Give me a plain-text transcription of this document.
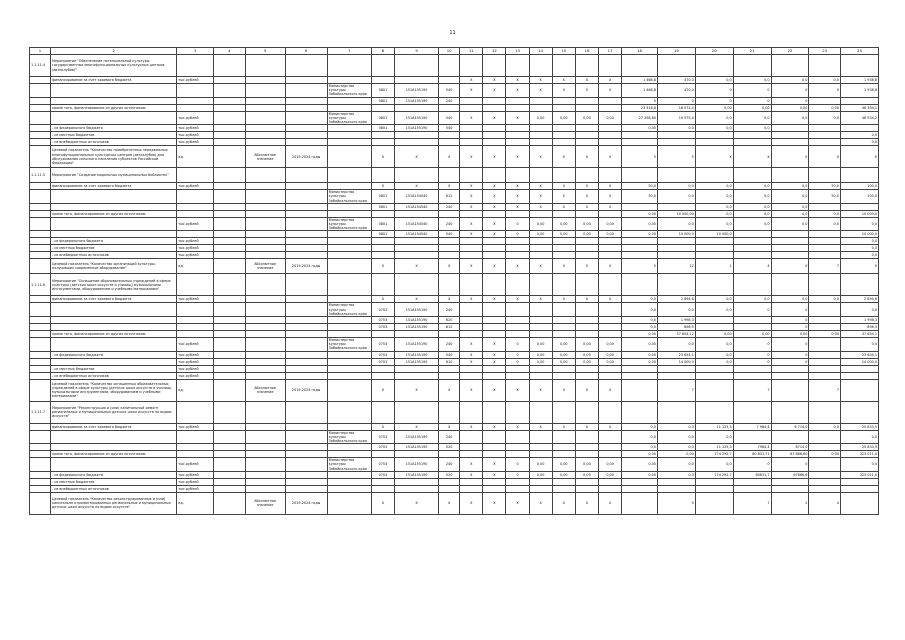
11
1	2	3	4	5	6	7	8	9	10	11	12	13	14	15	16	17	18	19	20	21	22	23	24
1.1.11.4	Мероприятие "Обеспечение потенциальной культуры государственных многофункциональных культурных центров (автоклубов)"																						
	финансирование за счет краевого бюджета	тыс.рублей								Х	Х	Х	Х	Х	Х	Х	1 468,8	470,0	0,0	0,0	0,0	0,0	1 938,8
						Министерство культуры Забайкальского края	0801	151А155190	540	Х	Х	Х	Х	Х	Х	Х	1 468,8	470,0	0	0	0	0	1 938,8
							0801	151А155190	240								0	0	0	0	0		
	кроме того, финансирование из других источников:																23 318,8	18 071,4	0,00	0,00	0,00	0,00	46 394,1
		тыс.рублей				Министерство культуры Забайкальского края	0801	151А155190	540	Х	Х	Х	0,00	0,00	0,00	0,00	27 358,80	19 575,4	0,0	0,0	0,0	0,0	46 934,2
	- из федерального бюджета	тыс.рублей					0801	151А155190	540								0,00	0,0	0,0	0,0			
	- из местных бюджетов	тыс.рублей																					0,0
	- из внебюджетных источников	тыс.рублей																					0,0
	Целевой показатель "Количество приобретенных передвижных многофункциональных культурных центров (автоклубов) для обслуживания сельского населения субъектов Российской Федерации"	ед.		Абсолютное значение	2019-2024 годы		Х	Х	Х	Х	Х	Х	Х	Х	Х	Х	5	5	Х	Х	Х	Х	Х
1.1.11.5	Мероприятие "Создание модельных муниципальных библиотек"																						
	финансирование за счет краевого бюджета	тыс.рублей					Х	Х	Х	Х	Х	Х	Х	Х	Х	Х	50,0	0,0	0,0	0,0	0,0	50,0	100,0
						Министерство культуры Забайкальского края	0801	151А154540	612	Х	Х	Х	Х	Х	Х	Х	50,0	0,0	0,0	0,0	0,0	50,0	100,0
							0801	151А154540	240	Х	Х	Х	Х	Х	Х	Х			0,0	0,0	0,0		
	кроме того, финансирование из других источников:																0,00	10 000,00	0,0	0,0	0,0	0,0	10 000,0
		тыс.рублей				Министерство культуры Забайкальского края	0801	151А154540	240	Х	Х	0	0,00	0,00	0,00	0,00	0,00	0,0	0,0	0,0	0,0	0,0	0,0
							0801	151А154540	540	Х	Х	0	0,00	0,00	0,00	0,00	0,00	10 000,0	10 000,0				10 000,0
	- из федерального бюджета	тыс.рублей																					0,0
	- из местных бюджетов	тыс.рублей																					0,0
	- из внебюджетных источников	тыс.рублей																					0,0
	Целевой показатель "Количество организаций культуры, получивших современное оборудование"	ед.		Абсолютное значение	2019-2024 годы		Х	Х	Х	Х	Х	Х	Х	Х	Х	Х	5	12	1	4	0	7	Х
1.1.11.6	Мероприятие "Оснащение образовательных учреждений в сфере культуры (детских школ искусств и училищ) музыкальными инструментами, оборудованием и учебными материалами"																						
	финансирование за счет краевого бюджета	тыс.рублей					Х	Х	Х	Х	Х	Х	Х	Х	Х	Х	0,0	2 894,8	0,0	0,0	0,0	0,0	2 894,8
						Министерство культуры Забайкальского края	0703	151А155190	240								0,0	0,0	0,0	0	0		0,0
							0703	151А155190	620								0,0	1 998,3			0		1 998,3
							0703	151А155190	612								0,0	896,5			0		896,5
	кроме того, финансирование из других источников:																0,00	37 654,12	0,00	0,00	0,00	0,00	37 654,1
		тыс.рублей				Министерство культуры Забайкальского края	0703	151А155190	240	Х	Х	0	0,00	0,00	0,00	0,00	0,00	0,0	0,0	0	0		0,0
	- из федерального бюджета	тыс.рублей					0703	151А155190	540	Х	Х	0	0,00	0,00	0,00	0,00	0,00	23 654,1	0,0	0	0		23 654,1
		тыс.рублей					0703	151А155190	610	Х	Х	0	0,00	0,00	0,00	0,00	0,00	14 000,0	0,0	0	0		14 000,0
	- из местных бюджетов	тыс.рублей																					
	- из внебюджетных источников	тыс.рублей																					
	Целевой показатель "Количество оснащенных образовательных учреждений в сфере культуры (детских школ искусств и училищ) музыкальными инструментами, оборудованием и учебными материалами"	ед.		Абсолютное значение	2019-2024 годы		Х	Х	Х	Х	Х	Х	Х	Х	Х	Х		7		7		7	
1.1.11.7	Мероприятие "Реконструкция и (или) капитальный ремонт региональных и муниципальных детских школ искусств по видам искусств"																						
	финансирование за счет краевого бюджета	тыс.рублей					Х	Х	Х	Х	Х	Х	Х	Х	Х	Х	0,0	0,0	11 125,3	7 984,4	6 714,0	0,0	25 833,5
						Министерство культуры Забайкальского края	0703	151А155190	240								0,0	0,0	0,0				0,0
							0703	151А155190	520								0,0	0,0	11 125,3	7984,4	6714,0		25 833,5
	кроме того, финансирование из других источников:																0,00	0,00	174 292,7	80 831,71	67 886,60	0,00	323 011,0
		тыс.рублей				Министерство культуры Забайкальского края	0703	151А155190	240	Х	Х	0	0,00	0,00	0,00	0,00	0,00	0,0	0,0	0	0		0,0
	- из федерального бюджета	тыс.рублей					0703	151А155190	520	Х	Х	0	0,00	0,00	0,00	0,00	0,00	0,0	174 292,7	80831,7	67886,6		323 011,0
	- из местных бюджетов	тыс.рублей																					
	- из внебюджетных источников	тыс.рублей																					
	Целевой показатель "Количество реконструированных и (или) капитально отремонтированных региональных и муниципальных детских школ искусств по видам искусств"	ед.		Абсолютное значение	2019-2024 годы		Х	Х	Х	Х	Х	Х	Х	Х	Х	Х		0		7	2	4	
